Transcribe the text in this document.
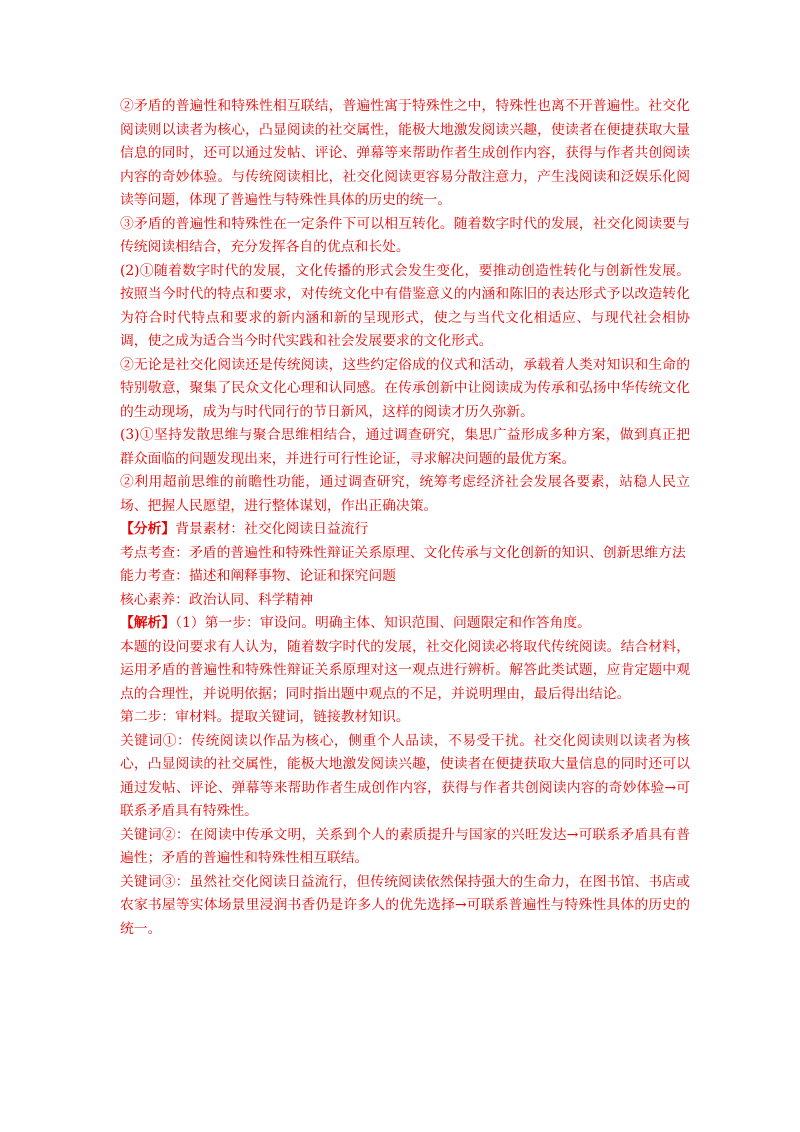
②矛盾的普遍性和特殊性相互联结，普遍性寓于特殊性之中，特殊性也离不开普遍性。社交化阅读则以读者为核心，凸显阅读的社交属性，能极大地激发阅读兴趣，使读者在便捷获取大量信息的同时，还可以通过发帖、评论、弹幕等来帮助作者生成创作内容，获得与作者共创阅读内容的奇妙体验。与传统阅读相比，社交化阅读更容易分散注意力，产生浅阅读和泛娱乐化阅读等问题，体现了普遍性与特殊性具体的历史的统一。

③矛盾的普遍性和特殊性在一定条件下可以相互转化。随着数字时代的发展，社交化阅读要与传统阅读相结合，充分发挥各自的优点和长处。

(2)①随着数字时代的发展，文化传播的形式会发生变化，要推动创造性转化与创新性发展。按照当今时代的特点和要求，对传统文化中有借鉴意义的内涵和陈旧的表达形式予以改造转化为符合时代特点和要求的新内涵和新的呈现形式，使之与当代文化相适应、与现代社会相协调，使之成为适合当今时代实践和社会发展要求的文化形式。

②无论是社交化阅读还是传统阅读，这些约定俗成的仪式和活动，承载着人类对知识和生命的特别敬意，聚集了民众文化心理和认同感。在传承创新中让阅读成为传承和弘扬中华传统文化的生动现场，成为与时代同行的节日新风，这样的阅读才历久弥新。

(3)①坚持发散思维与聚合思维相结合，通过调查研究，集思广益形成多种方案，做到真正把群众面临的问题发现出来，并进行可行性论证，寻求解决问题的最优方案。

②利用超前思维的前瞻性功能，通过调查研究，统筹考虑经济社会发展各要素，站稳人民立场、把握人民愿望，进行整体谋划，作出正确决策。

【分析】背景素材：社交化阅读日益流行

考点考查：矛盾的普遍性和特殊性辩证关系原理、文化传承与文化创新的知识、创新思维方法

能力考查：描述和阐释事物、论证和探究问题

核心素养：政治认同、科学精神

【解析】（1）第一步：审设问。明确主体、知识范围、问题限定和作答角度。

本题的设问要求有人认为，随着数字时代的发展，社交化阅读必将取代传统阅读。结合材料，运用矛盾的普遍性和特殊性辩证关系原理对这一观点进行辨析。解答此类试题，应肯定题中观点的合理性，并说明依据；同时指出题中观点的不足，并说明理由，最后得出结论。

第二步：审材料。提取关键词，链接教材知识。

关键词①：传统阅读以作品为核心，侧重个人品读，不易受干扰。社交化阅读则以读者为核心，凸显阅读的社交属性，能极大地激发阅读兴趣，使读者在便捷获取大量信息的同时还可以通过发帖、评论、弹幕等来帮助作者生成创作内容，获得与作者共创阅读内容的奇妙体验→可联系矛盾具有特殊性。

关键词②：在阅读中传承文明，关系到个人的素质提升与国家的兴旺发达→可联系矛盾具有普遍性；矛盾的普遍性和特殊性相互联结。

关键词③：虽然社交化阅读日益流行，但传统阅读依然保持强大的生命力，在图书馆、书店或农家书屋等实体场景里浸润书香仍是许多人的优先选择→可联系普遍性与特殊性具体的历史的统一。
